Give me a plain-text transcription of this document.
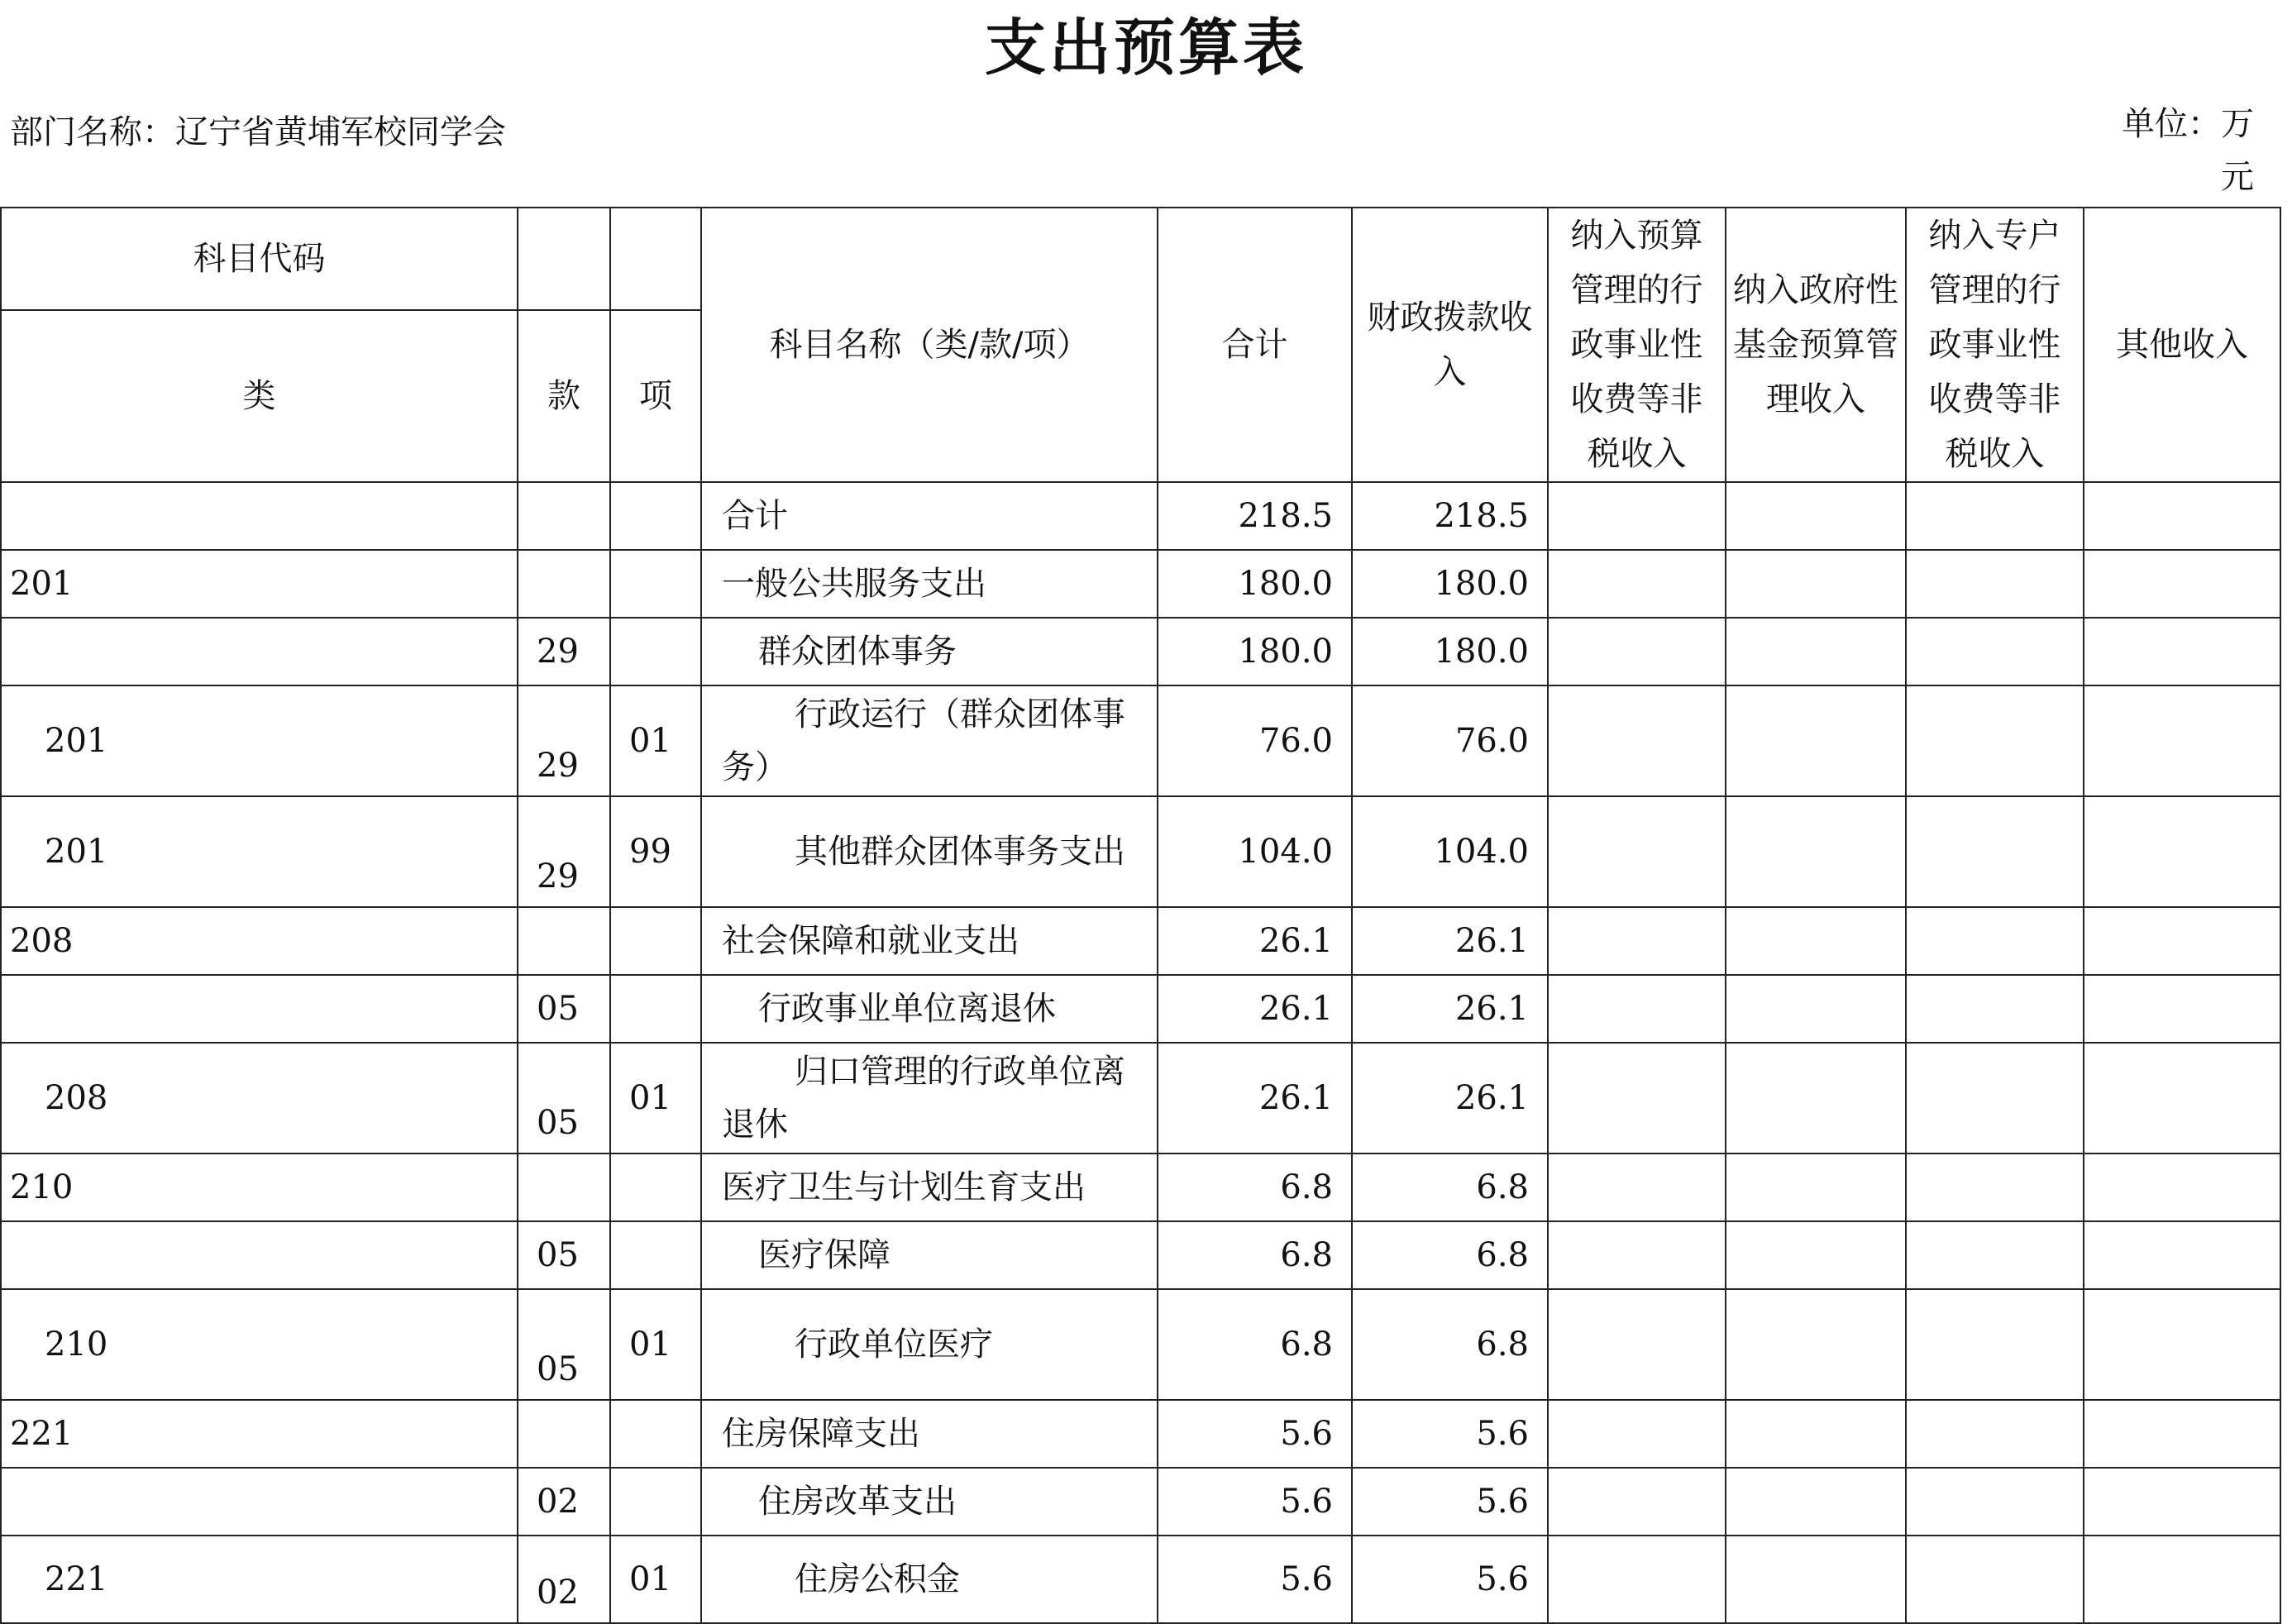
支出预算表
部门名称：辽宁省黄埔军校同学会	单位：万
元
科目代码			科目名称（类/款/项）	合计	财政拨款收入	纳入预算管理的行政事业性收费等非税收入	纳入政府性基金预算管理收入	纳入专户管理的行政事业性收费等非税收入	其他收入
类	款	项							
			合计	218.5	218.5				
201			一般公共服务支出	180.0	180.0				
	29		群众团体事务	180.0	180.0				
201	29	01	行政运行（群众团体事务）	76.0	76.0				
201	29	99	其他群众团体事务支出	104.0	104.0				
208			社会保障和就业支出	26.1	26.1				
	05		行政事业单位离退休	26.1	26.1				
208	05	01	归口管理的行政单位离退休	26.1	26.1				
210			医疗卫生与计划生育支出	6.8	6.8				
	05		医疗保障	6.8	6.8				
210	05	01	行政单位医疗	6.8	6.8				
221			住房保障支出	5.6	5.6				
	02		住房改革支出	5.6	5.6				
221	02	01	住房公积金	5.6	5.6				
